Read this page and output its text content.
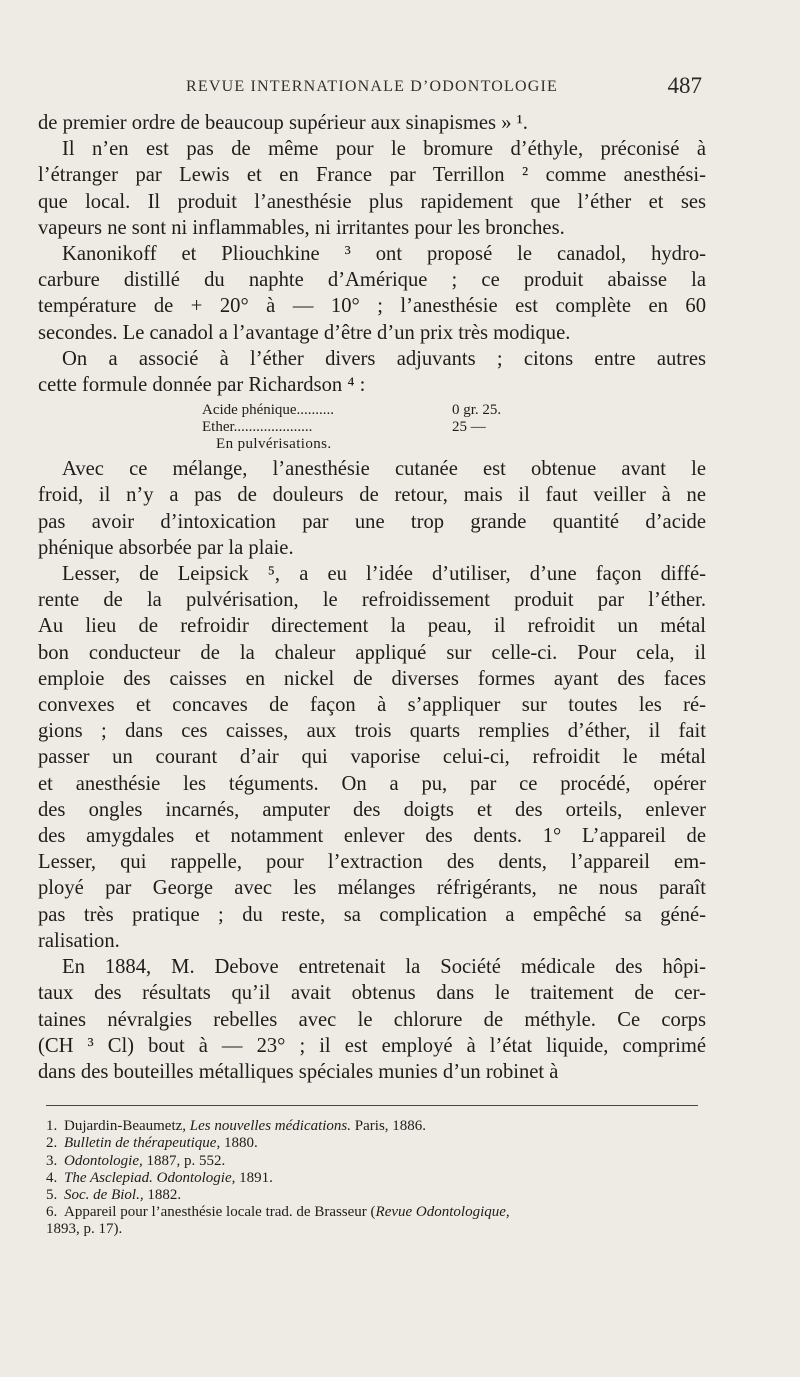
REVUE INTERNATIONALE D’ODONTOLOGIE	487
de premier ordre de beaucoup supérieur aux sinapismes » ¹.
Il n’en est pas de même pour le bromure d’éthyle, préconisé à
l’étranger par Lewis et en France par Terrillon ² comme anesthési-
que local. Il produit l’anesthésie plus rapidement que l’éther et ses
vapeurs ne sont ni inflammables, ni irritantes pour les bronches.
Kanonikoff et Pliouchkine ³ ont proposé le canadol, hydro-
carbure distillé du naphte d’Amérique ; ce produit abaisse la
température de + 20° à — 10° ; l’anesthésie est complète en 60
secondes. Le canadol a l’avantage d’être d’un prix très modique.
On a associé à l’éther divers adjuvants ; citons entre autres
cette formule donnée par Richardson ⁴ :
Acide phénique..........	0 gr. 25.
Ether.....................	25 —
En pulvérisations.
Avec ce mélange, l’anesthésie cutanée est obtenue avant le
froid, il n’y a pas de douleurs de retour, mais il faut veiller à ne
pas avoir d’intoxication par une trop grande quantité d’acide
phénique absorbée par la plaie.
Lesser, de Leipsick ⁵, a eu l’idée d’utiliser, d’une façon diffé-
rente de la pulvérisation, le refroidissement produit par l’éther.
Au lieu de refroidir directement la peau, il refroidit un métal
bon conducteur de la chaleur appliqué sur celle-ci. Pour cela, il
emploie des caisses en nickel de diverses formes ayant des faces
convexes et concaves de façon à s’appliquer sur toutes les ré-
gions ; dans ces caisses, aux trois quarts remplies d’éther, il fait
passer un courant d’air qui vaporise celui-ci, refroidit le métal
et anesthésie les téguments. On a pu, par ce procédé, opérer
des ongles incarnés, amputer des doigts et des orteils, enlever
des amygdales et notamment enlever des dents. 1° L’appareil de
Lesser, qui rappelle, pour l’extraction des dents, l’appareil em-
ployé par George avec les mélanges réfrigérants, ne nous paraît
pas très pratique ; du reste, sa complication a empêché sa géné-
ralisation.
En 1884, M. Debove entretenait la Société médicale des hôpi-
taux des résultats qu’il avait obtenus dans le traitement de cer-
taines névralgies rebelles avec le chlorure de méthyle. Ce corps
(CH ³ Cl) bout à — 23° ; il est employé à l’état liquide, comprimé
dans des bouteilles métalliques spéciales munies d’un robinet à
1. Dujardin-Beaumetz, Les nouvelles médications. Paris, 1886.
2. Bulletin de thérapeutique, 1880.
3. Odontologie, 1887, p. 552.
4. The Asclepiad. Odontologie, 1891.
5. Soc. de Biol., 1882.
6. Appareil pour l’anesthésie locale trad. de Brasseur (Revue Odontologique,
1893, p. 17).
